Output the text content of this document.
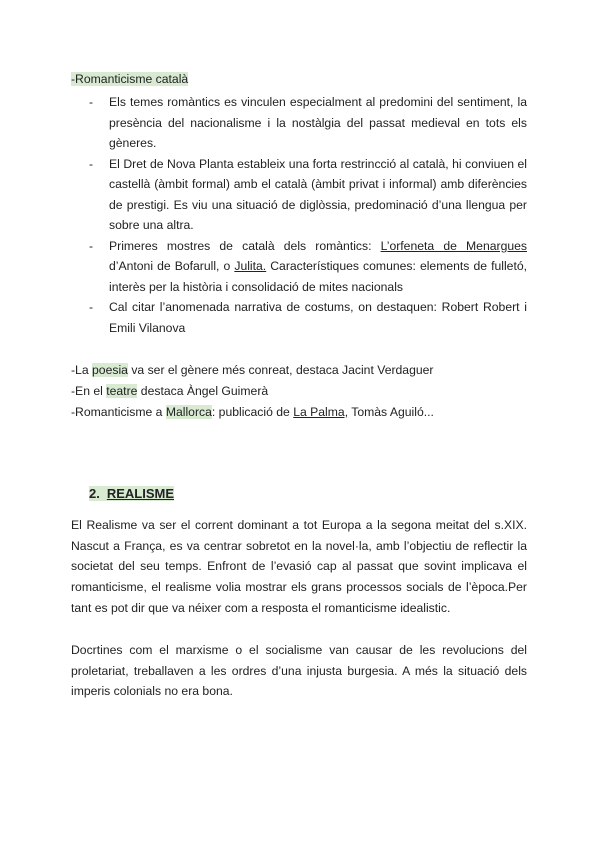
-Romanticisme català
- Els temes romàntics es vinculen especialment al predomini del sentiment, la presència del nacionalisme i la nostàlgia del passat medieval en tots els gèneres.
- El Dret de Nova Planta estableix una forta restrincció al català, hi conviuen el castellà (àmbit formal) amb el català (àmbit privat i informal) amb diferències de prestigi. Es viu una situació de diglòssia, predominació d’una llengua per sobre una altra.
- Primeres mostres de català dels romàntics: L’orfeneta de Menargues d’Antoni de Bofarull, o Julita. Característiques comunes: elements de fulletó, interès per la història i consolidació de mites nacionals
- Cal citar l’anomenada narrativa de costums, on destaquen: Robert Robert i Emili Vilanova
-La poesia va ser el gènere més conreat, destaca Jacint Verdaguer
-En el teatre destaca Àngel Guimerà
-Romanticisme a Mallorca: publicació de La Palma, Tomàs Aguiló...
2. REALISME

El Realisme va ser el corrent dominant a tot Europa a la segona meitat del s.XIX. Nascut a França, es va centrar sobretot en la novel·la, amb l’objectiu de reflectir la societat del seu temps. Enfront de l’evasió cap al passat que sovint implicava el romanticisme, el realisme volia mostrar els grans processos socials de l’època.Per tant es pot dir que va néixer com a resposta el romanticisme idealistic.

Docrtines com el marxisme o el socialisme van causar de les revolucions del proletariat, treballaven a les ordres d’una injusta burgesia. A més la situació dels imperis colonials no era bona.
